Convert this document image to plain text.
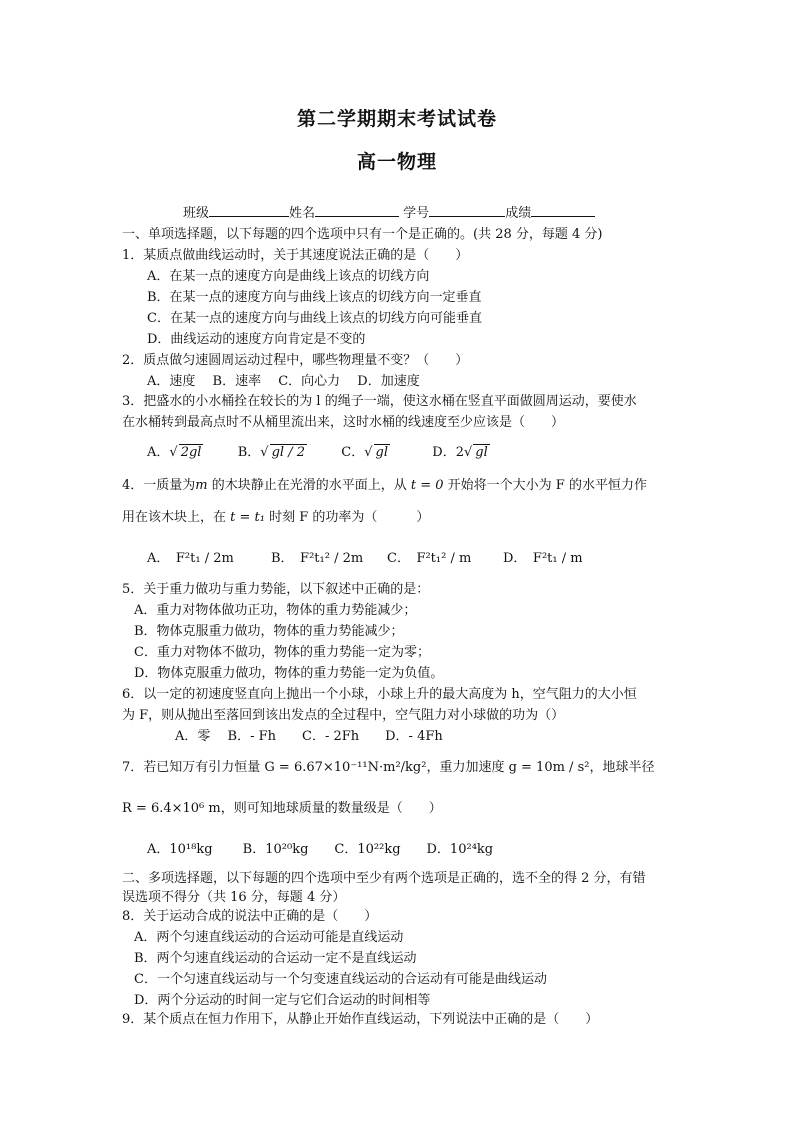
第二学期期末考试试卷
高一物理
班级	姓名	学号	成绩
一、单项选择题，以下每题的四个选项中只有一个是正确的。(共 28 分，每题 4 分)
1．某质点做曲线运动时，关于其速度说法正确的是（　　）
A．在某一点的速度方向是曲线上该点的切线方向
B．在某一点的速度方向与曲线上该点的切线方向一定垂直
C．在某一点的速度方向与曲线上该点的切线方向可能垂直
D．曲线运动的速度方向肯定是不变的
2．质点做匀速圆周运动过程中，哪些物理量不变？（　　）
A．速度　 B．速率　 C．向心力　 D．加速度
3．把盛水的小水桶拴在较长的为 l 的绳子一端，使这水桶在竖直平面做圆周运动，要使水
在水桶转到最高点时不从桶里流出来，这时水桶的线速度至少应该是（　　）
A．√ 2gl	B．√ gl / 2	C．√ gl	D．2√ gl
4．一质量为m 的木块静止在光滑的水平面上，从 t = 0 开始将一个大小为 F 的水平恒力作
用在该木块上，在 t = t₁ 时刻 F 的功率为（　　　）
A．　F²t₁ / 2m	B．　F²t₁² / 2m C．　F²t₁² / m D．　F²t₁ / m
5．关于重力做功与重力势能，以下叙述中正确的是：
A．重力对物体做功正功，物体的重力势能减少；
B．物体克服重力做功，物体的重力势能减少；
C．重力对物体不做功，物体的重力势能一定为零；
D．物体克服重力做功，物体的重力势能一定为负值。
6．以一定的初速度竖直向上抛出一个小球，小球上升的最大高度为 h，空气阻力的大小恒
为 F，则从抛出至落回到该出发点的全过程中，空气阻力对小球做的功为（）
A．零　 B．- Fh　　C．- 2Fh　　D．- 4Fh
7．若已知万有引力恒量 G = 6.67×10⁻¹¹N·m²/kg²，重力加速度 g = 10m / s²，地球半径
R = 6.4×10⁶ m，则可知地球质量的数量级是（　　）
A．10¹⁸kg　　 B．10²⁰kg　　C．10²²kg　　D．10²⁴kg
二、多项选择题，以下每题的四个选项中至少有两个选项是正确的，选不全的得 2 分，有错
误选项不得分（共 16 分，每题 4 分）
8．关于运动合成的说法中正确的是（　　）
A．两个匀速直线运动的合运动可能是直线运动
B．两个匀速直线运动的合运动一定不是直线运动
C．一个匀速直线运动与一个匀变速直线运动的合运动有可能是曲线运动
D．两个分运动的时间一定与它们合运动的时间相等
9．某个质点在恒力作用下，从静止开始作直线运动，下列说法中正确的是（　　）
